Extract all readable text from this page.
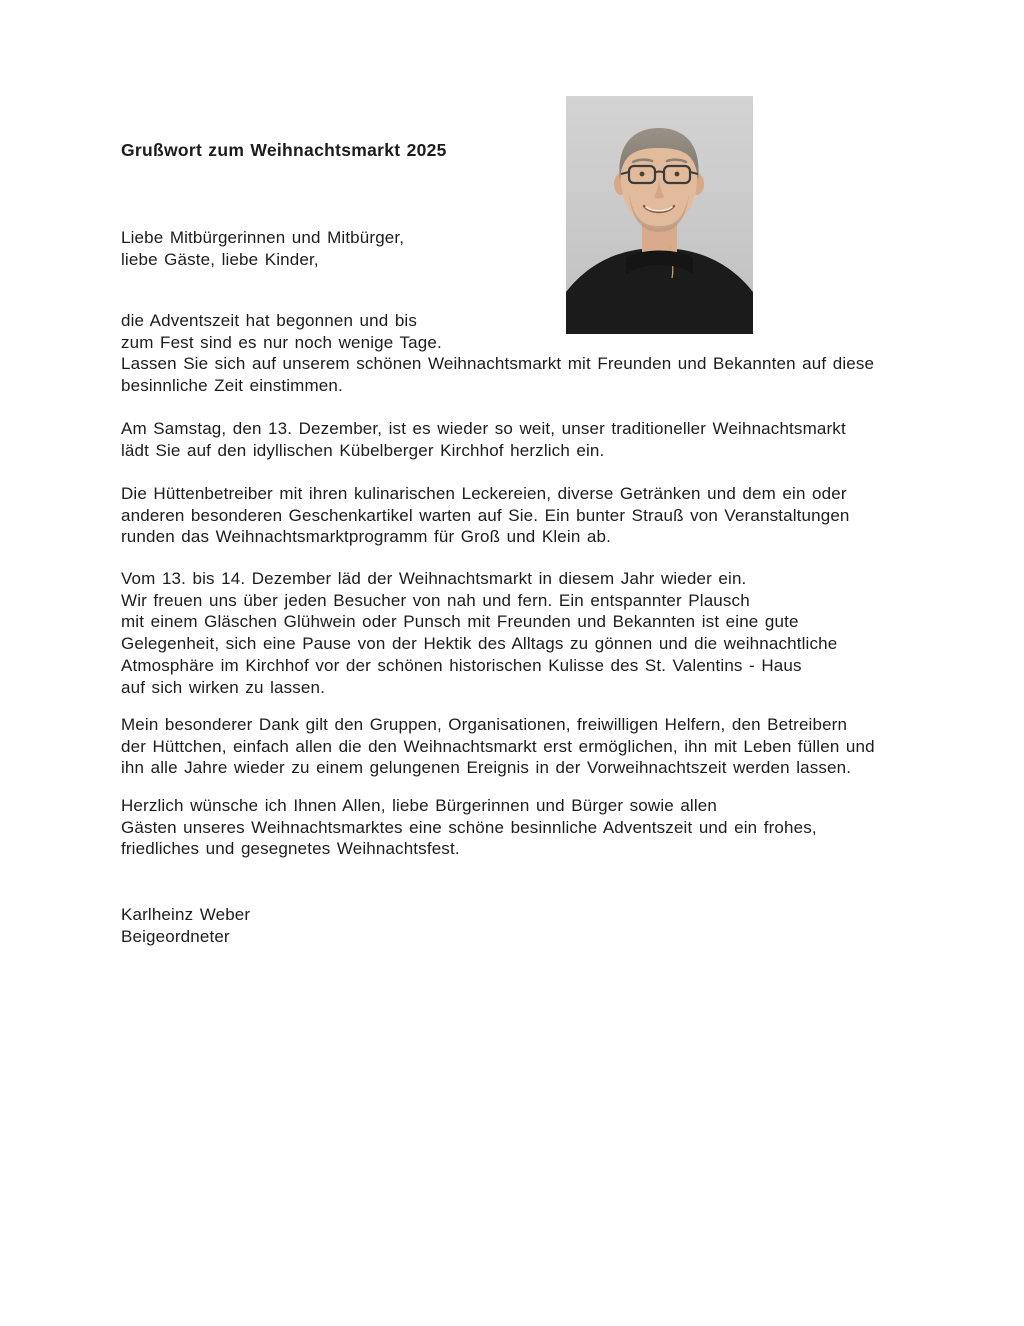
Grußwort zum Weihnachtsmarkt 2025
Liebe Mitbürgerinnen und Mitbürger,
liebe Gäste, liebe Kinder,
die Adventszeit hat begonnen und bis
zum Fest sind es nur noch wenige Tage.
Lassen Sie sich auf unserem schönen Weihnachtsmarkt mit Freunden und Bekannten auf diese
besinnliche Zeit einstimmen.
Am Samstag, den 13. Dezember, ist es wieder so weit, unser traditioneller Weihnachtsmarkt
lädt Sie auf den idyllischen Kübelberger Kirchhof herzlich ein.
Die Hüttenbetreiber mit ihren kulinarischen Leckereien, diverse Getränken und dem ein oder
anderen besonderen Geschenkartikel warten auf Sie. Ein bunter Strauß von Veranstaltungen
runden das Weihnachtsmarktprogramm für Groß und Klein ab.
Vom 13. bis 14. Dezember läd der Weihnachtsmarkt in diesem Jahr wieder ein.
Wir freuen uns über jeden Besucher von nah und fern. Ein entspannter Plausch
mit einem Gläschen Glühwein oder Punsch mit Freunden und Bekannten ist eine gute
Gelegenheit, sich eine Pause von der Hektik des Alltags zu gönnen und die weihnachtliche
Atmosphäre im Kirchhof vor der schönen historischen Kulisse des St. Valentins - Haus
auf sich wirken zu lassen.
Mein besonderer Dank gilt den Gruppen, Organisationen, freiwilligen Helfern, den Betreibern
der Hüttchen, einfach allen die den Weihnachtsmarkt erst ermöglichen, ihn mit Leben füllen und
ihn alle Jahre wieder zu einem gelungenen Ereignis in der Vorweihnachtszeit werden lassen.
Herzlich wünsche ich Ihnen Allen, liebe Bürgerinnen und Bürger sowie allen
Gästen unseres Weihnachtsmarktes eine schöne besinnliche Adventszeit und ein frohes,
friedliches und gesegnetes Weihnachtsfest.
Karlheinz Weber
Beigeordneter
